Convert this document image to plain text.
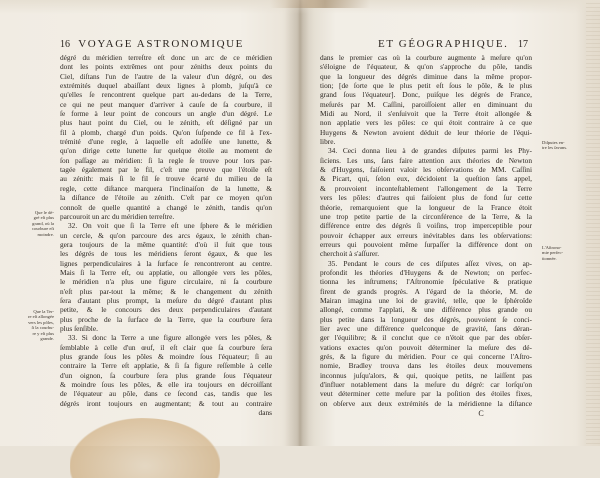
16 VOYAGE ASTRONOMIQUE
dégré du méridien terreſtre eſt donc un arc de ce méridien
dont les points extrêmes ont pour zéniths deux points du
Ciel, diſtans l'un de l'autre de la valeur d'un dégré, ou des
extrémités duquel abaiſſant deux lignes à plomb, juſqu'à ce
qu'elles ſe rencontrent quelque part au-dedans de la Terre,
ce qui ne peut manquer d'arriver à cauſe de ſa courbure, il
ſe forme à leur point de concours un angle d'un dégré. Le
plus haut point du Ciel, ou le zénith, eſt déſigné par un
fil à plomb, chargé d'un poids. Qu'on ſuſpende ce fil à l'ex-
trémité d'une regle, à laquelle eſt adoſſée une lunette, &
qu'on dirige cette lunette ſur quelque étoile au moment de
ſon paſſage au méridien: ſi la regle ſe trouve pour lors par-
tagée également par le fil, c'eſt une preuve que l'étoile eſt
au zénith: mais ſi le fil ſe trouve écarté du milieu de la
regle, cette diſtance marquera l'inclinaiſon de la lunette, &
la diſtance de l'étoile au zénith. C'eſt par ce moyen qu'on
connoît de quelle quantité a changé le zénith, tandis qu'on
parcouroit un arc du méridien terreſtre.
32. On voit que ſi la Terre eſt une ſphere & le méridien
un cercle, & qu'on parcoure des arcs égaux, le zénith chan-
gera toujours de la même quantité: d'où il ſuit que tous
les dégrés de tous les méridiens ſeront égaux, & que les
lignes perpendiculaires à la ſurface ſe rencontreront au centre.
Mais ſi la Terre eſt, ou applatie, ou allongée vers les pôles,
le méridien n'a plus une figure circulaire, ni ſa courbure
n'eſt plus par-tout la même; & le changement du zénith
ſera d'autant plus prompt, la meſure du dégré d'autant plus
petite, & le concours des deux perpendiculaires d'autant
plus proche de la ſurface de la Terre, que la courbure ſera
plus ſenſible.
33. Si donc la Terre a une figure allongée vers les pôles, &
ſemblable à celle d'un œuf, il eſt clair que ſa courbure ſera
plus grande ſous les pôles & moindre ſous l'équateur; ſi au
contraire la Terre eſt applatie, & ſi ſa figure reſſemble à celle
d'un oignon, ſa courbure ſera plus grande ſous l'équateur
& moindre ſous les pôles, & elle ira toujours en décroiſſant
de l'équateur au pôle, dans ce ſecond cas, tandis que les
dégrés iront toujours en augmentant; & tout au contraire
dans
Que le dé-
gré eſt plus
grand, où la
courbure eſt
moindre.
Que la Ter-
re eſt allongée
vers les pôles,
ſi la courbu-
re y eſt plus
grande.
ET GÉOGRAPHIQUE. 17
dans le premier cas où la courbure augmente à meſure qu'on
s'éloigne de l'équateur, & qu'on s'approche du pôle, tandis
que la longueur des dégrés diminue dans la même propor-
tion; [de ſorte que le plus petit eſt ſous le pôle, & le plus
grand ſous l'équateur]. Donc, puiſque les dégrés de France,
meſurés par M. Caſſini, paroiſſoient aller en diminuant du
Midi au Nord, il s'enſuivoit que la Terre étoit allongée &
non applatie vers les pôles: ce qui étoit contraire à ce que
Huygens & Newton avoient déduit de leur théorie de l'équi-
libre.
34. Ceci donna lieu à de grandes diſputes parmi les Phy-
ſiciens. Les uns, ſans faire attention aux théories de Newton
& d'Huygens, faiſoient valoir les obſervations de MM. Caſſini
& Picart, qui, ſelon eux, décidoient la queſtion ſans appel,
& prouvoient inconteſtablement l'allongement de la Terre
vers les pôles: d'autres qui faiſoient plus de fond ſur cette
théorie, remarquoient que la longueur de la France étoit
une trop petite partie de la circonférence de la Terre, & la
différence entre des dégrés ſi voiſins, trop imperceptible pour
pouvoir échapper aux erreurs inévitables dans les obſervations:
erreurs qui pouvoient même ſurpaſſer la différence dont on
cherchoit à s'aſſurer.
35. Pendant le cours de ces diſputes aſſez vives, on ap-
profondit les théories d'Huygens & de Newton; on perfec-
tionna les inſtrumens; l'Aſtronomie ſpéculative & pratique
firent de grands progrès. A l'égard de la théorie, M. de
Mairan imagina une loi de gravité, telle, que le ſphéroïde
allongé, comme l'applati, & une différence plus grande ou
plus petite dans la longueur des dégrés, pouvoient ſe conci-
lier avec une différence quelconque de gravité, ſans déran-
ger l'équilibre; & il conclut que ce n'étoit que par des obſer-
vations exactes qu'on pouvoit déterminer la meſure des dé-
grés, & la figure du méridien. Pour ce qui concerne l'Aſtro-
nomie, Bradley trouva dans les étoiles deux mouvemens
inconnus juſqu'alors, & qui, quoique petits, ne laiſſent pas
d'influer notablement dans la meſure du dégré: car lorſqu'on
veut déterminer cette meſure par la poſition des étoiles fixes,
on obſerve aux deux extrémités de la méridienne la diſtance
C
Diſputes en-
tre les ſavans.
L'Aſtrono-
mie perfec-
tionnée.
